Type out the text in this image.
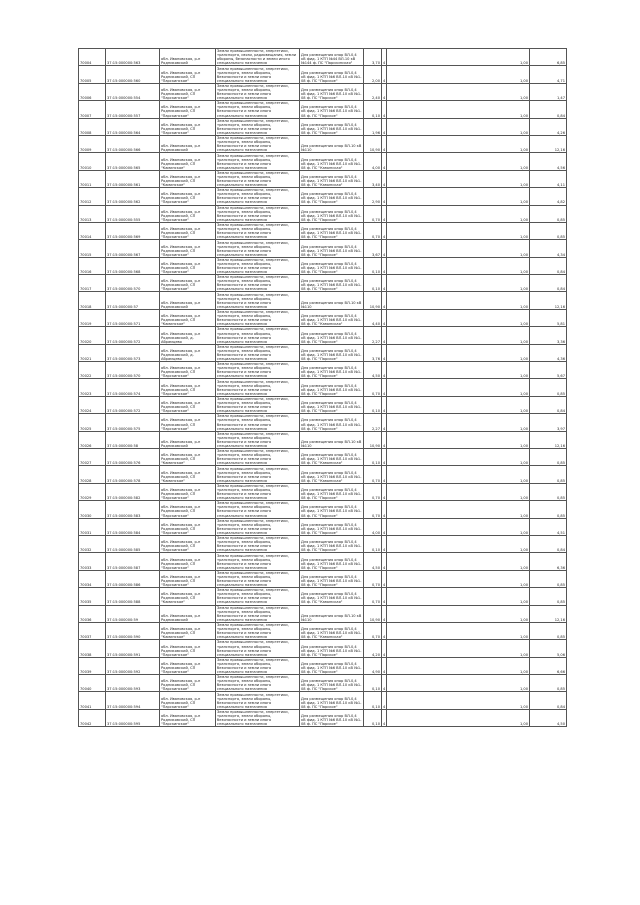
70004	37:15:000000:563	обл. Ивановская, р-н Родниковский	Земли промышленности, энергетики, транспорта, связи, радиовещания, земли обороны, безопасности и земли иного специального назначения	Для размещения опор ВЛ-0,4 кВ фид. 1 КТП №44 ВЛ-10 кВ №144 ф. ПС "Парскинская"	3,70	4	1,00	6,85
70005	37:15:000000:560	обл. Ивановская, р-н Родниковский, СП "Парскинское"	Земли промышленности, энергетики, транспорта, земли обороны, безопасности и земли иного специального назначения	Для размещения опор ВЛ-0,4 кВ фид. 1 КТП №6 ВЛ-10 кВ №1-08 ф. ПС "Парское"	2,00	4	1,00	4,71
70006	37:15:000000:554	обл. Ивановская, р-н Родниковский, СП "Парскинское"	Земли промышленности, энергетики, транспорта, земли обороны, безопасности и земли иного специального назначения	Для размещения опор ВЛ-0,4 кВ фид. 1 КТП №6 ВЛ-10 кВ №1-08 ф. ПС "Парское"	2,40	4	1,00	1,47
70007	37:15:000000:557	обл. Ивановская, р-н Родниковский, СП "Парскинское"	Земли промышленности, энергетики, транспорта, земли обороны, безопасности и земли иного специального назначения	Для размещения опор ВЛ-0,4 кВ фид. 1 КТП №6 ВЛ-10 кВ №1-08 ф. ПС "Парское"	0,10	4	1,00	0,84
70008	37:15:000000:564	обл. Ивановская, р-н Родниковский, СП "Парскинское"	Земли промышленности, энергетики, транспорта, земли обороны, безопасности и земли иного специального назначения	Для размещения опор ВЛ-0,4 кВ фид. 1 КТП №6 ВЛ-10 кВ №1-08 ф. ПС "Парское"	1,96	4	1,00	4,26
70009	37:15:000000:566	обл. Ивановская, р-н Родниковский	Земли промышленности, энергетики, транспорта, земли обороны, безопасности и земли иного специального назначения	Для размещения опор ВЛ-10 кВ №110	10,90	4	1,00	12,16
70010	37:15:000000:565	обл. Ивановская, р-н Родниковский, СП "Каминское"	Земли промышленности, энергетики, транспорта, земли обороны, безопасности и земли иного специального назначения	Для размещения опор ВЛ-0,4 кВ фид. 1 КТП №6 ВЛ-10 кВ №1-08 ф. ПС "Каминская"	4,00	4	1,00	4,56
70011	37:15:000000:561	обл. Ивановская, р-н Родниковский, СП "Каминское"	Земли промышленности, энергетики, транспорта, земли обороны, безопасности и земли иного специального назначения	Для размещения опор ВЛ-0,4 кВ фид. 1 КТП №6 ВЛ-10 кВ №1-08 ф. ПС "Каминская"	3,40	4	1,00	4,11
70012	37:15:000000:562	обл. Ивановская, р-н Родниковский, СП "Парскинское"	Земли промышленности, энергетики, транспорта, земли обороны, безопасности и земли иного специального назначения	Для размещения опор ВЛ-0,4 кВ фид. 1 КТП №6 ВЛ-10 кВ №1-08 ф. ПС "Парское"	2,90	4	1,00	4,82
70013	37:15:000000:555	обл. Ивановская, р-н Родниковский, СП "Парскинское"	Земли промышленности, энергетики, транспорта, земли обороны, безопасности и земли иного специального назначения	Для размещения опор ВЛ-0,4 кВ фид. 1 КТП №6 ВЛ-10 кВ №1-08 ф. ПС "Парское"	0,70	4	1,00	0,85
70014	37:15:000000:569	обл. Ивановская, р-н Родниковский, СП "Парскинское"	Земли промышленности, энергетики, транспорта, земли обороны, безопасности и земли иного специального назначения	Для размещения опор ВЛ-0,4 кВ фид. 1 КТП №6 ВЛ-10 кВ №1-08 ф. ПС "Парское"	0,70	4	1,00	0,85
70015	37:15:000000:567	обл. Ивановская, р-н Родниковский, СП "Парскинское"	Земли промышленности, энергетики, транспорта, земли обороны, безопасности и земли иного специального назначения	Для размещения опор ВЛ-0,4 кВ фид. 1 КТП №6 ВЛ-10 кВ №1-08 ф. ПС "Парское"	3,67	4	1,00	4,34
70016	37:15:000000:568	обл. Ивановская, р-н Родниковский, СП "Парскинское"	Земли промышленности, энергетики, транспорта, земли обороны, безопасности и земли иного специального назначения	Для размещения опор ВЛ-0,4 кВ фид. 1 КТП №6 ВЛ-10 кВ №1-08 ф. ПС "Парское"	0,10	4	1,00	0,84
70017	37:15:000000:570	обл. Ивановская, р-н Родниковский, СП "Парскинское"	Земли промышленности, энергетики, транспорта, земли обороны, безопасности и земли иного специального назначения	Для размещения опор ВЛ-0,4 кВ фид. 1 КТП №6 ВЛ-10 кВ №1-08 ф. ПС "Парское"	0,10	4	1,00	0,84
70018	37:15:000000:57	обл. Ивановская, р-н Родниковский	Земли промышленности, энергетики, транспорта, земли обороны, безопасности и земли иного специального назначения	Для размещения опор ВЛ-10 кВ №110	10,90	4	1,00	12,16
70019	37:15:000000:571	обл. Ивановская, р-н Родниковский, СП "Каминское"	Земли промышленности, энергетики, транспорта, земли обороны, безопасности и земли иного специального назначения	Для размещения опор ВЛ-0,4 кВ фид. 1 КТП №6 ВЛ-10 кВ №1-08 ф. ПС "Каминская"	4,40	4	1,00	5,81
70020	37:15:000000:572	обл. Ивановская, р-н Родниковский, д. Абрамцево	Земли промышленности, энергетики, транспорта, земли обороны, безопасности и земли иного специального назначения	Для размещения опор ВЛ-0,4 кВ фид. 1 КТП №6 ВЛ-10 кВ №1-08 ф. ПС "Парское"	2,27	4	1,00	3,36
70021	37:15:000000:573	обл. Ивановская, р-н Родниковский, д. Абрамцево	Земли промышленности, энергетики, транспорта, земли обороны, безопасности и земли иного специального назначения	Для размещения опор ВЛ-0,4 кВ фид. 1 КТП №6 ВЛ-10 кВ №1-08 ф. ПС "Парское"	3,76	4	1,00	4,36
70022	37:15:000000:570	обл. Ивановская, р-н Родниковский, СП "Парскинское"	Земли промышленности, энергетики, транспорта, земли обороны, безопасности и земли иного специального назначения	Для размещения опор ВЛ-0,4 кВ фид. 1 КТП №6 ВЛ-10 кВ №1-08 ф. ПС "Парское"	4,50	4	1,00	5,67
70023	37:15:000000:574	обл. Ивановская, р-н Родниковский, СП "Парскинское"	Земли промышленности, энергетики, транспорта, земли обороны, безопасности и земли иного специального назначения	Для размещения опор ВЛ-0,4 кВ фид. 1 КТП №6 ВЛ-10 кВ №1-08 ф. ПС "Парское"	0,70	4	1,00	0,85
70024	37:15:000000:572	обл. Ивановская, р-н Родниковский, СП "Парскинское"	Земли промышленности, энергетики, транспорта, земли обороны, безопасности и земли иного специального назначения	Для размещения опор ВЛ-0,4 кВ фид. 1 КТП №6 ВЛ-10 кВ №1-08 ф. ПС "Парское"	0,10	4	1,00	0,84
70025	37:15:000000:575	обл. Ивановская, р-н Родниковский, СП "Парскинское"	Земли промышленности, энергетики, транспорта, земли обороны, безопасности и земли иного специального назначения	Для размещения опор ВЛ-0,4 кВ фид. 1 КТП №6 ВЛ-10 кВ №1-08 ф. ПС "Парское"	2,27	4	1,00	3,97
70026	37:15:000000:58	обл. Ивановская, р-н Родниковский	Земли промышленности, энергетики, транспорта, земли обороны, безопасности и земли иного специального назначения	Для размещения опор ВЛ-10 кВ №110	10,90	4	1,00	12,16
70027	37:15:000000:576	обл. Ивановская, р-н Родниковский, СП "Каминское"	Земли промышленности, энергетики, транспорта, земли обороны, безопасности и земли иного специального назначения	Для размещения опор ВЛ-0,4 кВ фид. 1 КТП №6 ВЛ-10 кВ №1-08 ф. ПС "Каминская"	0,10	4	1,00	0,85
70028	37:15:000000:578	обл. Ивановская, р-н Родниковский, СП "Каминское"	Земли промышленности, энергетики, транспорта, земли обороны, безопасности и земли иного специального назначения	Для размещения опор ВЛ-0,4 кВ фид. 1 КТП №6 ВЛ-10 кВ №1-08 ф. ПС "Каминская"	0,70	4	1,00	0,85
70029	37:15:000000:582	обл. Ивановская, р-н Родниковский, СП "Парскинское"	Земли промышленности, энергетики, транспорта, земли обороны, безопасности и земли иного специального назначения	Для размещения опор ВЛ-0,4 кВ фид. 1 КТП №6 ВЛ-10 кВ №1-08 ф. ПС "Парское"	0,70	4	1,00	0,85
70030	37:15:000000:583	обл. Ивановская, р-н Родниковский, СП "Парскинское"	Земли промышленности, энергетики, транспорта, земли обороны, безопасности и земли иного специального назначения	Для размещения опор ВЛ-0,4 кВ фид. 1 КТП №6 ВЛ-10 кВ №1-08 ф. ПС "Парское"	0,70	4	1,00	0,85
70031	37:15:000000:584	обл. Ивановская, р-н Родниковский, СП "Парскинское"	Земли промышленности, энергетики, транспорта, земли обороны, безопасности и земли иного специального назначения	Для размещения опор ВЛ-0,4 кВ фид. 1 КТП №6 ВЛ-10 кВ №1-08 ф. ПС "Парское"	4,00	4	1,00	4,51
70032	37:15:000000:585	обл. Ивановская, р-н Родниковский, СП "Парскинское"	Земли промышленности, энергетики, транспорта, земли обороны, безопасности и земли иного специального назначения	Для размещения опор ВЛ-0,4 кВ фид. 1 КТП №6 ВЛ-10 кВ №1-08 ф. ПС "Парское"	0,10	4	1,00	0,84
70033	37:15:000000:587	обл. Ивановская, р-н Родниковский, СП "Парскинское"	Земли промышленности, энергетики, транспорта, земли обороны, безопасности и земли иного специального назначения	Для размещения опор ВЛ-0,4 кВ фид. 1 КТП №6 ВЛ-10 кВ №1-08 ф. ПС "Парское"	4,50	4	1,00	6,36
70034	37:15:000000:586	обл. Ивановская, р-н Родниковский, СП "Парскинское"	Земли промышленности, энергетики, транспорта, земли обороны, безопасности и земли иного специального назначения	Для размещения опор ВЛ-0,4 кВ фид. 1 КТП №6 ВЛ-10 кВ №1-08 ф. ПС "Парское"	0,70	4	1,00	0,85
70035	37:15:000000:588	обл. Ивановская, р-н Родниковский, СП "Каминское"	Земли промышленности, энергетики, транспорта, земли обороны, безопасности и земли иного специального назначения	Для размещения опор ВЛ-0,4 кВ фид. 1 КТП №6 ВЛ-10 кВ №1-08 ф. ПС "Каминская"	0,70	4	1,00	0,85
70036	37:15:000000:59	обл. Ивановская, р-н Родниковский	Земли промышленности, энергетики, транспорта, земли обороны, безопасности и земли иного специального назначения	Для размещения опор ВЛ-10 кВ №110	10,90	4	1,00	12,16
70037	37:15:000000:590	обл. Ивановская, р-н Родниковский, СП "Каминское"	Земли промышленности, энергетики, транспорта, земли обороны, безопасности и земли иного специального назначения	Для размещения опор ВЛ-0,4 кВ фид. 1 КТП №6 ВЛ-10 кВ №1-08 ф. ПС "Каминская"	0,70	4	1,00	0,85
70038	37:15:000000:591	обл. Ивановская, р-н Родниковский, СП "Парскинское"	Земли промышленности, энергетики, транспорта, земли обороны, безопасности и земли иного специального назначения	Для размещения опор ВЛ-0,4 кВ фид. 1 КТП №6 ВЛ-10 кВ №1-08 ф. ПС "Парское"	4,20	4	1,00	5,06
70039	37:15:000000:592	обл. Ивановская, р-н Родниковский, СП "Парскинское"	Земли промышленности, энергетики, транспорта, земли обороны, безопасности и земли иного специального назначения	Для размещения опор ВЛ-0,4 кВ фид. 1 КТП №6 ВЛ-10 кВ №1-08 ф. ПС "Парское"	4,90	4	1,00	6,66
70040	37:15:000000:593	обл. Ивановская, р-н Родниковский, СП "Парскинское"	Земли промышленности, энергетики, транспорта, земли обороны, безопасности и земли иного специального назначения	Для размещения опор ВЛ-0,4 кВ фид. 1 КТП №6 ВЛ-10 кВ №1-08 ф. ПС "Парское"	0,10	4	1,00	0,85
70041	37:15:000000:594	обл. Ивановская, р-н Родниковский, СП "Парскинское"	Земли промышленности, энергетики, транспорта, земли обороны, безопасности и земли иного специального назначения	Для размещения опор ВЛ-0,4 кВ фид. 1 КТП №6 ВЛ-10 кВ №1-08 ф. ПС "Парское"	0,10	4	1,00	0,84
70042	37:15:000000:595	обл. Ивановская, р-н Родниковский, СП "Парскинское"	Земли промышленности, энергетики, транспорта, земли обороны, безопасности и земли иного специального назначения	Для размещения опор ВЛ-0,4 кВ фид. 1 КТП №6 ВЛ-10 кВ №1-08 ф. ПС "Парское"	0,10	4	1,00	4,50
